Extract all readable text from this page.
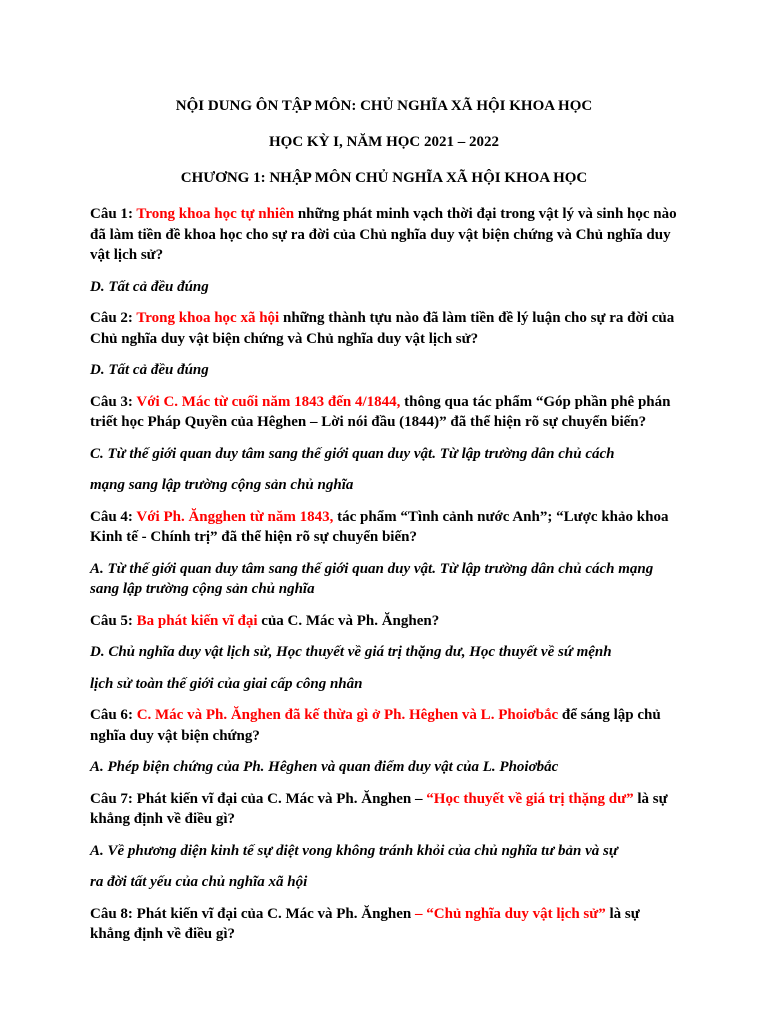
NỘI DUNG ÔN TẬP MÔN: CHỦ NGHĨA XÃ HỘI KHOA HỌC
HỌC KỲ I, NĂM HỌC 2021 – 2022
CHƯƠNG 1: NHẬP MÔN CHỦ NGHĨA XÃ HỘI KHOA HỌC
Câu 1: Trong khoa học tự nhiên những phát minh vạch thời đại trong vật lý và sinh học nào đã làm tiền đề khoa học cho sự ra đời của Chủ nghĩa duy vật biện chứng và Chủ nghĩa duy vật lịch sử?
D. Tất cả đều đúng
Câu 2: Trong khoa học xã hội những thành tựu nào đã làm tiền đề lý luận cho sự ra đời của Chủ nghĩa duy vật biện chứng và Chủ nghĩa duy vật lịch sử?
D. Tất cả đều đúng
Câu 3: Với C. Mác từ cuối năm 1843 đến 4/1844, thông qua tác phẩm “Góp phần phê phán triết học Pháp Quyền của Hêghen – Lời nói đầu (1844)” đã thể hiện rõ sự chuyển biến?
C. Từ thế giới quan duy tâm sang thế giới quan duy vật. Từ lập trường dân chủ cách
mạng sang lập trường cộng sản chủ nghĩa
Câu 4: Với Ph. Ăngghen từ năm 1843, tác phẩm “Tình cảnh nước Anh”; “Lược khảo khoa Kinh tế - Chính trị” đã thể hiện rõ sự chuyển biến?
A. Từ thế giới quan duy tâm sang thế giới quan duy vật. Từ lập trường dân chủ cách mạng sang lập trường cộng sản chủ nghĩa
Câu 5: Ba phát kiến vĩ đại của C. Mác và Ph. Ănghen?
D. Chủ nghĩa duy vật lịch sử, Học thuyết về giá trị thặng dư, Học thuyết về sứ mệnh
lịch sử toàn thế giới của giai cấp công nhân
Câu 6: C. Mác và Ph. Ănghen đã kế thừa gì ở Ph. Hêghen và L. Phoiơbắc để sáng lập chủ nghĩa duy vật biện chứng?
A. Phép biện chứng của Ph. Hêghen và quan điểm duy vật của L. Phoiơbắc
Câu 7: Phát kiến vĩ đại của C. Mác và Ph. Ănghen – “Học thuyết về giá trị thặng dư” là sự khẳng định về điều gì?
A. Về phương diện kinh tế sự diệt vong không tránh khỏi của chủ nghĩa tư bản và sự
ra đời tất yếu của chủ nghĩa xã hội
Câu 8: Phát kiến vĩ đại của C. Mác và Ph. Ănghen – “Chủ nghĩa duy vật lịch sử” là sự khẳng định về điều gì?
